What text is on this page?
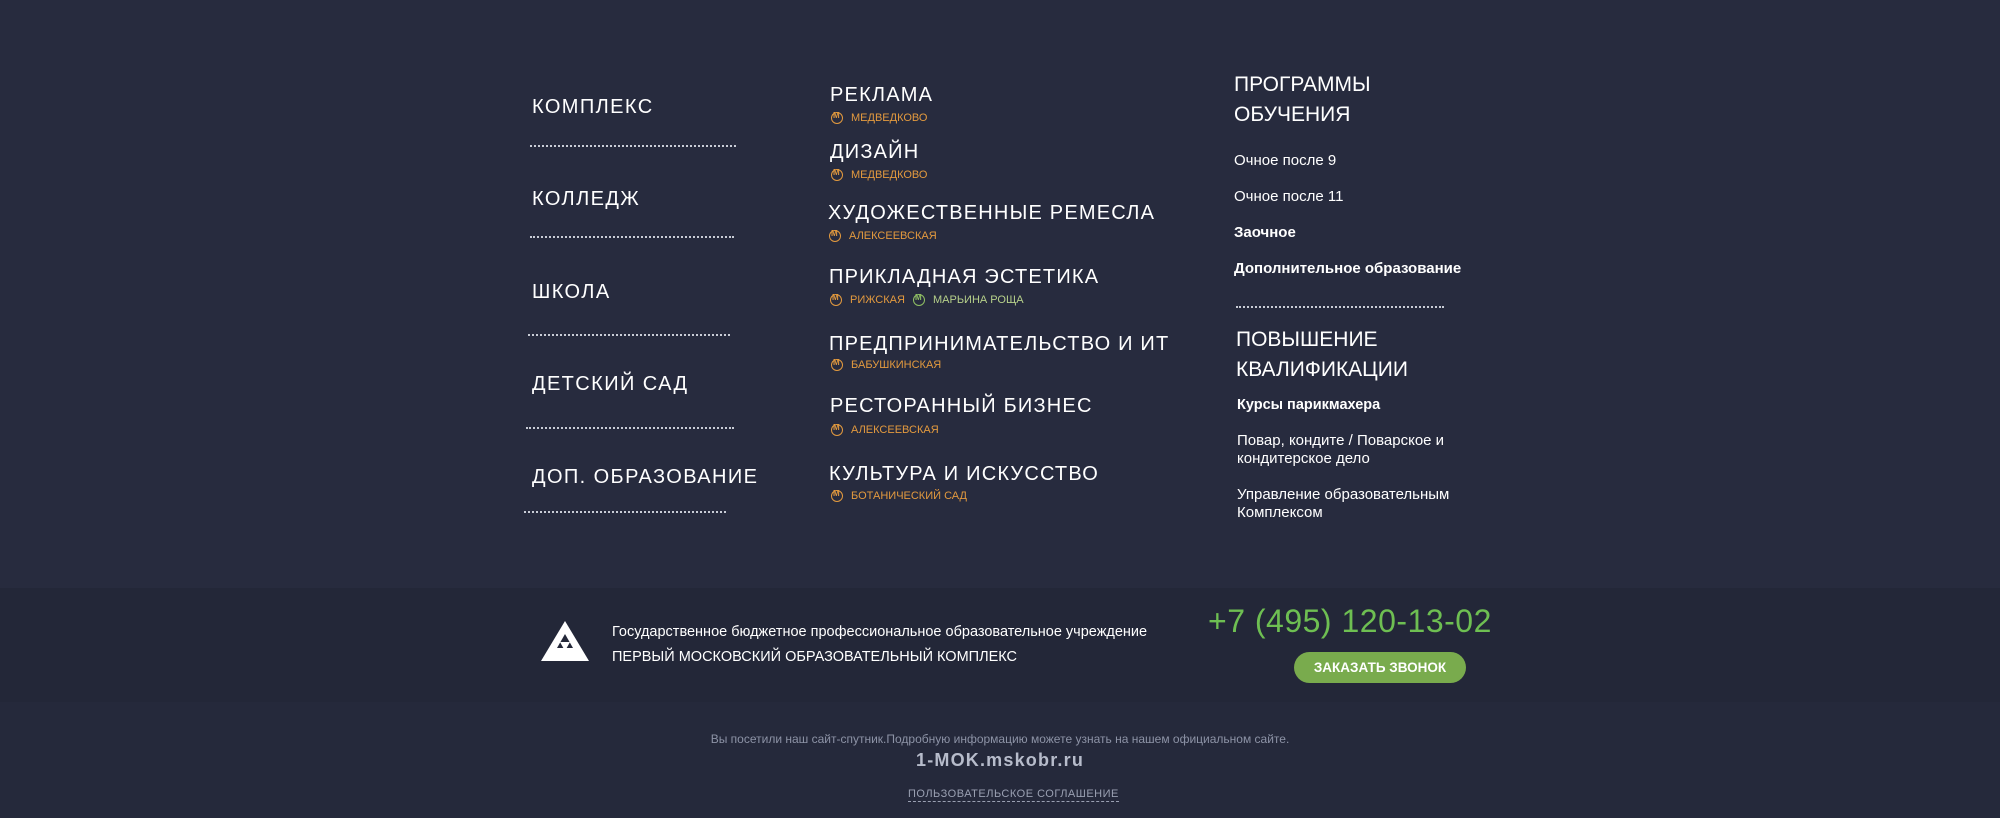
КОМПЛЕКС
КОЛЛЕДЖ
ШКОЛА
ДЕТСКИЙ САД
ДОП. ОБРАЗОВАНИЕ
РЕКЛАМА
M
МЕДВЕДКОВО
ДИЗАЙН
M
МЕДВЕДКОВО
ХУДОЖЕСТВЕННЫЕ РЕМЕСЛА
M
АЛЕКСЕЕВСКАЯ
ПРИКЛАДНАЯ ЭСТЕТИКА
M
РИЖСКАЯ
M	МАРЬИНА РОЩА
ПРЕДПРИНИМАТЕЛЬСТВО И ИТ
M
БАБУШКИНСКАЯ
РЕСТОРАННЫЙ БИЗНЕС
M
АЛЕКСЕЕВСКАЯ
КУЛЬТУРА И ИСКУССТВО
M
БОТАНИЧЕСКИЙ САД
ПРОГРАММЫ
ОБУЧЕНИЯ
Очное после 9
Очное после 11
Заочное
Дополнительное образование
ПОВЫШЕНИЕ
КВАЛИФИКАЦИИ
Курсы парикмахера
Повар, кондите / Поварское и
кондитерское дело
Управление образовательным
Комплексом
Государственное бюджетное профессиональное образовательное учреждение
ПЕРВЫЙ МОСКОВСКИЙ ОБРАЗОВАТЕЛЬНЫЙ КОМПЛЕКС
+7 (495) 120-13-02
ЗАКАЗАТЬ ЗВОНОК
Вы посетили наш сайт-спутник.Подробную информацию можете узнать на нашем официальном сайте.
1-MOK.mskobr.ru
ПОЛЬЗОВАТЕЛЬСКОЕ СОГЛАШЕНИЕ
